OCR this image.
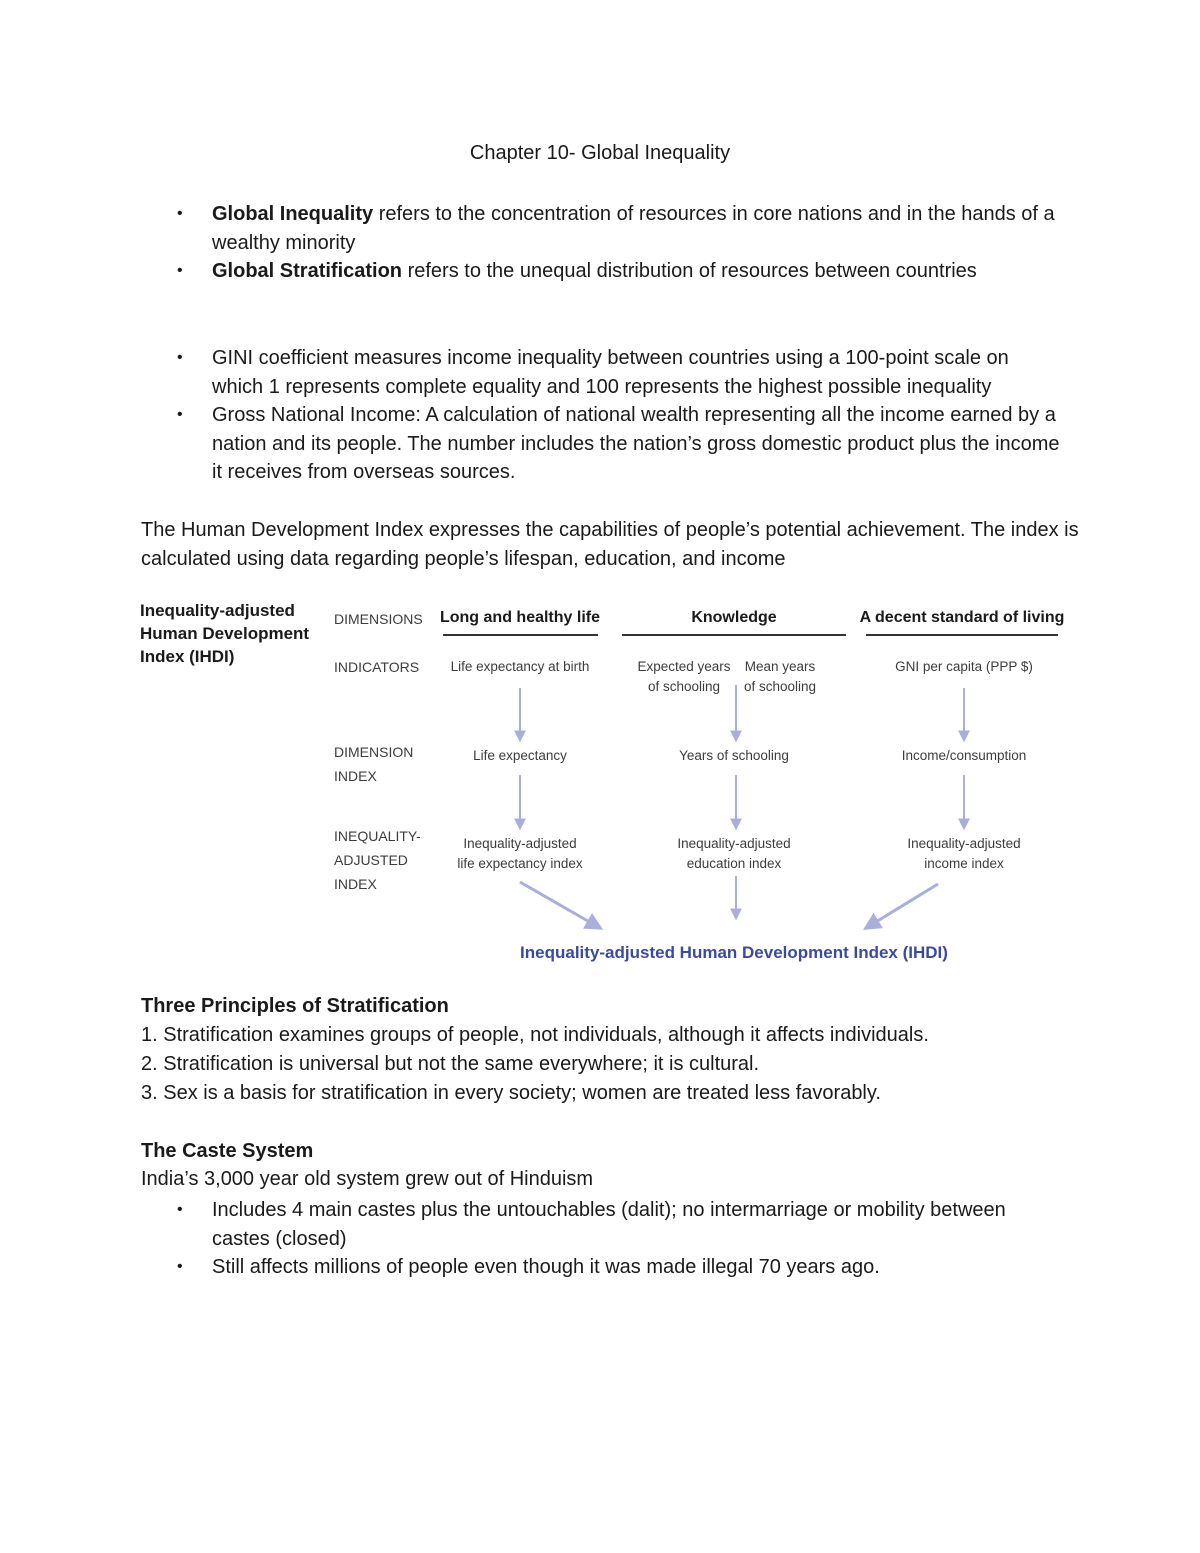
Chapter 10- Global Inequality
• Global Inequality refers to the concentration of resources in core nations and in the hands of a wealthy minority
• Global Stratification refers to the unequal distribution of resources between countries
• GINI coefficient measures income inequality between countries using a 100-point scale on which 1 represents complete equality and 100 represents the highest possible inequality
• Gross National Income: A calculation of national wealth representing all the income earned by a nation and its people. The number includes the nation’s gross domestic product plus the income it receives from overseas sources.
The Human Development Index expresses the capabilities of people’s potential achievement. The index is calculated using data regarding people’s lifespan, education, and income
Inequality-adjusted
Human Development
Index (IHDI)
DIMENSIONS
INDICATORS
DIMENSION
INDEX
INEQUALITY-
ADJUSTED
INDEX
Long and healthy life	Knowledge	A decent standard of living
Life expectancy at birth
Life expectancy
Inequality-adjusted
life expectancy index
Expected years
of schooling
Mean years
of schooling
Years of schooling
Inequality-adjusted
education index
GNI per capita (PPP $)
Income/consumption
Inequality-adjusted
income index
Inequality-adjusted Human Development Index (IHDI)
Three Principles of Stratification
1. Stratification examines groups of people, not individuals, although it affects individuals.
2. Stratification is universal but not the same everywhere; it is cultural.
3. Sex is a basis for stratification in every society; women are treated less favorably.
The Caste System
India’s 3,000 year old system grew out of Hinduism
• Includes 4 main castes plus the untouchables (dalit); no intermarriage or mobility between castes (closed)
• Still affects millions of people even though it was made illegal 70 years ago.
